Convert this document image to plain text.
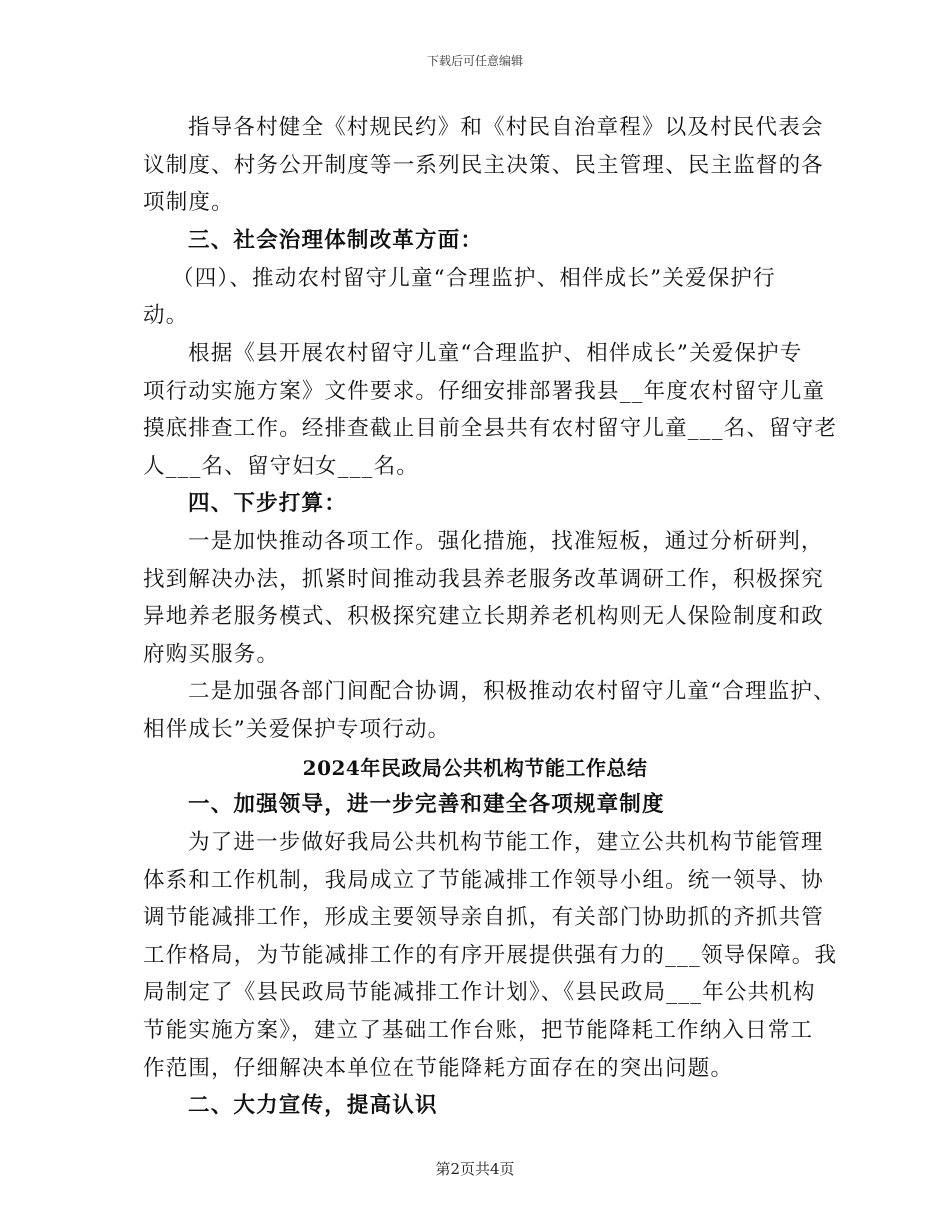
下载后可任意编辑
指导各村健全《村规民约》和《村民自治章程》以及村民代表会
议制度、村务公开制度等一系列民主决策、民主管理、民主监督的各
项制度。
三、社会治理体制改革方面：
（四）、推动农村留守儿童“合理监护、相伴成长”关爱保护行
动。
根据《县开展农村留守儿童“合理监护、相伴成长”关爱保护专
项行动实施方案》文件要求。仔细安排部署我县__年度农村留守儿童
摸底排查工作。经排查截止目前全县共有农村留守儿童___名、留守老
人___名、留守妇女___名。
四、下步打算：
一是加快推动各项工作。强化措施，找准短板，通过分析研判，
找到解决办法，抓紧时间推动我县养老服务改革调研工作，积极探究
异地养老服务模式、积极探究建立长期养老机构则无人保险制度和政
府购买服务。
二是加强各部门间配合协调，积极推动农村留守儿童“合理监护、
相伴成长”关爱保护专项行动。
2024年民政局公共机构节能工作总结
一、加强领导，进一步完善和建全各项规章制度
为了进一步做好我局公共机构节能工作，建立公共机构节能管理
体系和工作机制，我局成立了节能减排工作领导小组。统一领导、协
调节能减排工作，形成主要领导亲自抓，有关部门协助抓的齐抓共管
工作格局，为节能减排工作的有序开展提供强有力的___领导保障。我
局制定了《县民政局节能减排工作计划》、《县民政局___年公共机构
节能实施方案》，建立了基础工作台账，把节能降耗工作纳入日常工
作范围，仔细解决本单位在节能降耗方面存在的突出问题。
二、大力宣传，提高认识
第2页共4页
